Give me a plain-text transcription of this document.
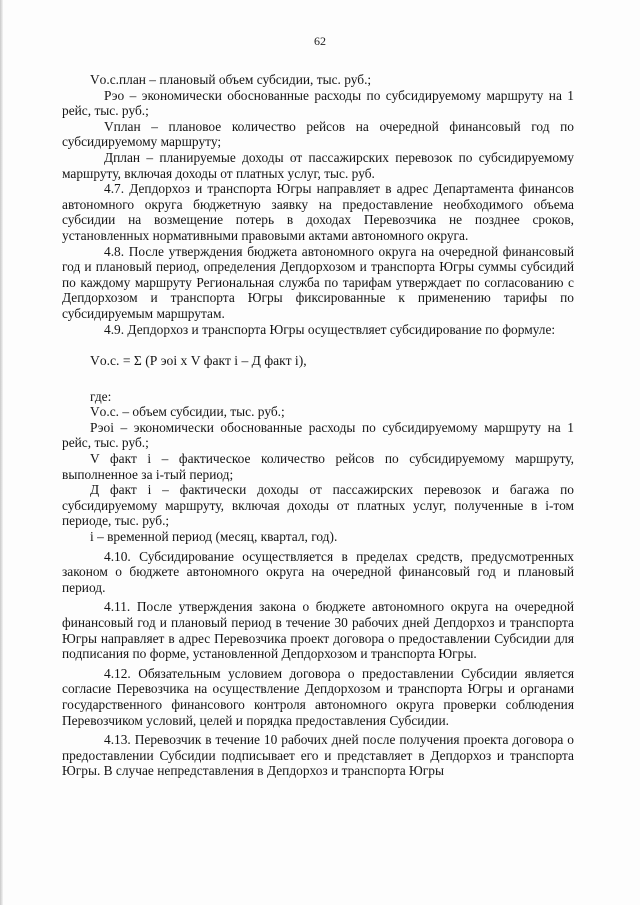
62

Vо.с.план – плановый объем субсидии, тыс. руб.;

Рэо – экономически обоснованные расходы по субсидируемому маршруту на 1 рейс, тыс. руб.;

Vплан – плановое количество рейсов на очередной финансовый год по субсидируемому маршруту;

Дплан – планируемые доходы от пассажирских перевозок по субсидируемому маршруту, включая доходы от платных услуг, тыс. руб.

4.7. Депдорхоз и транспорта Югры направляет в адрес Департамента финансов автономного округа бюджетную заявку на предоставление необходимого объема субсидии на возмещение потерь в доходах Перевозчика не позднее сроков, установленных нормативными правовыми актами автономного округа.

4.8. После утверждения бюджета автономного округа на очередной финансовый год и плановый период, определения Депдорхозом и транспорта Югры суммы субсидий по каждому маршруту Региональная служба по тарифам утверждает по согласованию с Депдорхозом и транспорта Югры фиксированные к применению тарифы по субсидируемым маршрутам.

4.9. Депдорхоз и транспорта Югры осуществляет субсидирование по формуле:

Vо.с. = Σ (Р эоi х V факт i – Д факт i),

где:

Vо.с. – объем субсидии, тыс. руб.;

Рэоi – экономически обоснованные расходы по субсидируемому маршруту на 1 рейс, тыс. руб.;

V факт i – фактическое количество рейсов по субсидируемому маршруту, выполненное за i-тый период;

Д факт i – фактически доходы от пассажирских перевозок и багажа по субсидируемому маршруту, включая доходы от платных услуг, полученные в i-том периоде, тыс. руб.;

i – временной период (месяц, квартал, год).

4.10. Субсидирование осуществляется в пределах средств, предусмотренных законом о бюджете автономного округа на очередной финансовый год и плановый период.

4.11. После утверждения закона о бюджете автономного округа на очередной финансовый год и плановый период в течение 30 рабочих дней Депдорхоз и транспорта Югры направляет в адрес Перевозчика проект договора о предоставлении Субсидии для подписания по форме, установленной Депдорхозом и транспорта Югры.

4.12. Обязательным условием договора о предоставлении Субсидии является согласие Перевозчика на осуществление Депдорхозом и транспорта Югры и органами государственного финансового контроля автономного округа проверки соблюдения Перевозчиком условий, целей и порядка предоставления Субсидии.

4.13. Перевозчик в течение 10 рабочих дней после получения проекта договора о предоставлении Субсидии подписывает его и представляет в Депдорхоз и транспорта Югры. В случае непредставления в Депдорхоз и транспорта Югры
